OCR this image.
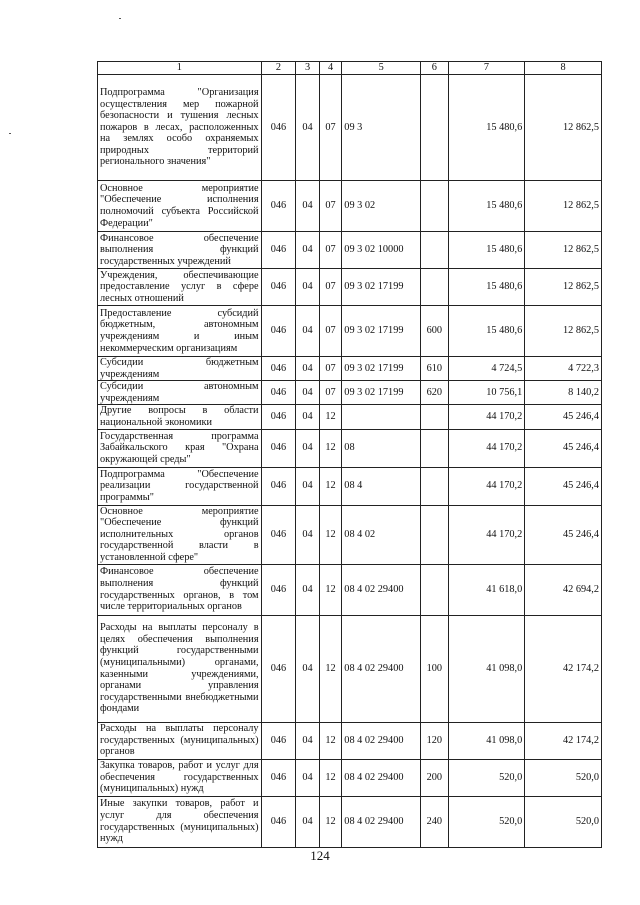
1	2	3	4	5	6	7	8
Подпрограмма "Организация осуществления мер пожарной безопасности и тушения лесных пожаров в лесах, расположенных на землях особо охраняемых природных территорий регионального значения"	046	04	07	09 3		15 480,6	12 862,5
Основное мероприятие "Обеспечение исполнения полномочий субъекта Российской Федерации"	046	04	07	09 3 02		15 480,6	12 862,5
Финансовое обеспечение выполнения функций государственных учреждений	046	04	07	09 3 02 10000		15 480,6	12 862,5
Учреждения, обеспечивающие предоставление услуг в сфере лесных отношений	046	04	07	09 3 02 17199		15 480,6	12 862,5
Предоставление субсидий бюджетным, автономным учреждениям и иным некоммерческим организациям	046	04	07	09 3 02 17199	600	15 480,6	12 862,5
Субсидии бюджетным учреждениям	046	04	07	09 3 02 17199	610	4 724,5	4 722,3
Субсидии автономным учреждениям	046	04	07	09 3 02 17199	620	10 756,1	8 140,2
Другие вопросы в области национальной экономики	046	04	12			44 170,2	45 246,4
Государственная программа Забайкальского края "Охрана окружающей среды"	046	04	12	08		44 170,2	45 246,4
Подпрограмма "Обеспечение реализации государственной программы"	046	04	12	08 4		44 170,2	45 246,4
Основное мероприятие "Обеспечение функций исполнительных органов государственной власти в установленной сфере"	046	04	12	08 4 02		44 170,2	45 246,4
Финансовое обеспечение выполнения функций государственных органов, в том числе территориальных органов	046	04	12	08 4 02 29400		41 618,0	42 694,2
Расходы на выплаты персоналу в целях обеспечения выполнения функций государственными (муниципальными) органами, казенными учреждениями, органами управления государственными внебюджетными фондами	046	04	12	08 4 02 29400	100	41 098,0	42 174,2
Расходы на выплаты персоналу государственных (муниципальных) органов	046	04	12	08 4 02 29400	120	41 098,0	42 174,2
Закупка товаров, работ и услуг для обеспечения государственных (муниципальных) нужд	046	04	12	08 4 02 29400	200	520,0	520,0
Иные закупки товаров, работ и услуг для обеспечения государственных (муниципальных) нужд	046	04	12	08 4 02 29400	240	520,0	520,0
124
